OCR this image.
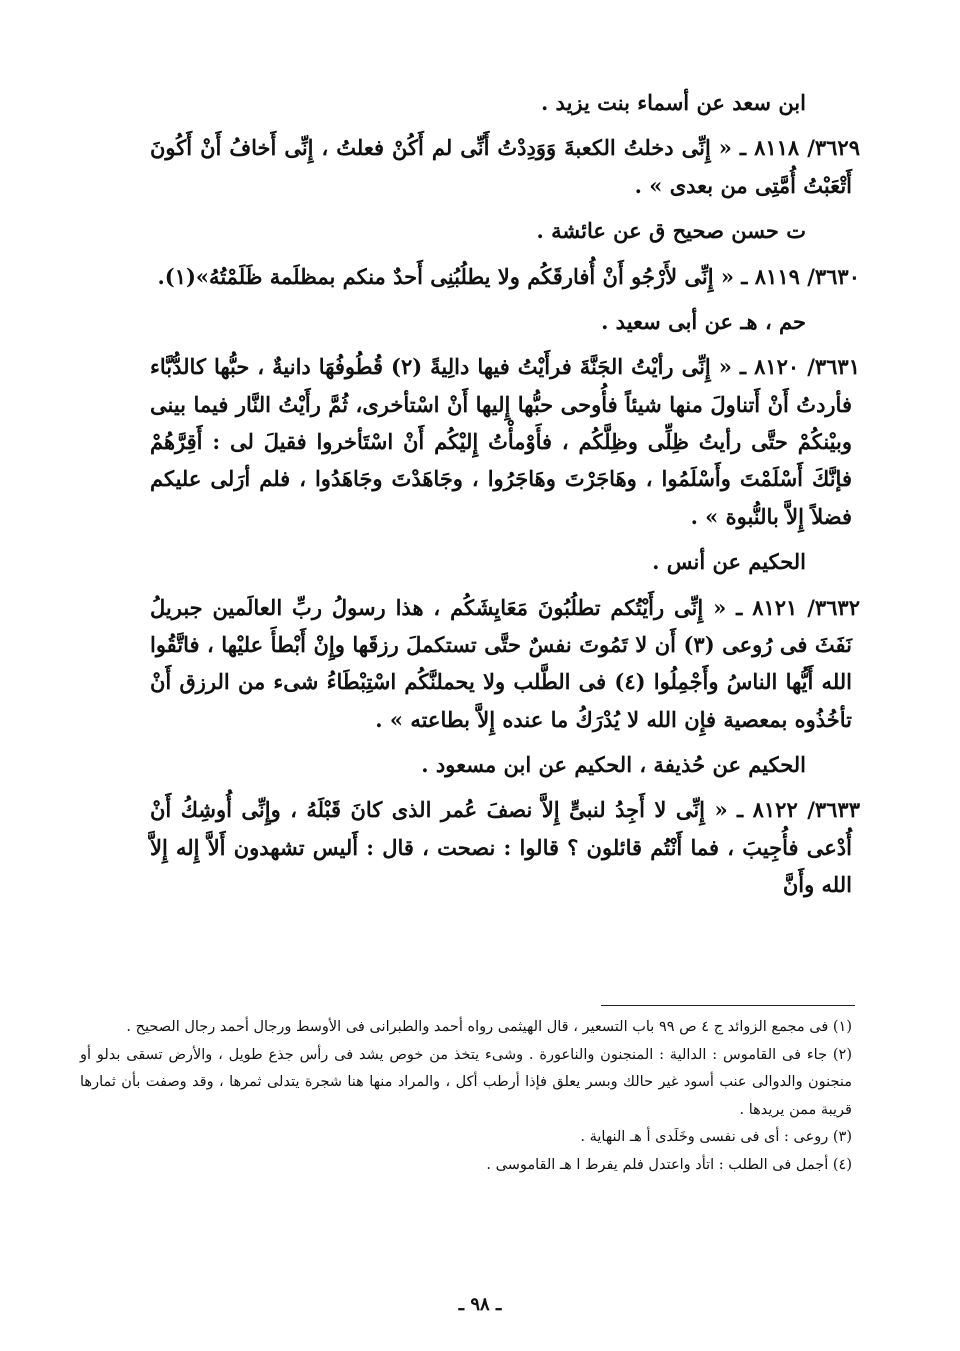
ابن سعد عن أسماء بنت يزيد .

٣٦٢٩/ ٨١١٨ ـ « إِنِّى دخلتُ الكعبةَ وَوَدِدْتُ أَنِّى لم أَكُنْ فعلتُ ، إِنِّى أَخافُ أَنْ أَكُونَ أَتْعَبْتُ أُمَّتِى من بعدى » .

ت حسن صحيح ق عن عائشة .

٣٦٣٠/ ٨١١٩ ـ « إِنِّى لأَرْجُو أَنْ أُفارقَكُم ولا يطلُبُنِى أَحدٌ منكم بمظلَمة ظَلَمْتُهُ»(١).

حم ، هـ عن أبى سعيد .

٣٦٣١/ ٨١٢٠ ـ « إِنِّى رأيْتُ الجَنَّةَ فرأَيْتُ فيها دالِيةً (٢) قُطُوفُهَا دانيةٌ ، حبُّها كالدُّبَّاء فأردتُ أَنْ أَتناولَ منها شيئاً فأُوحى حبُّها إِليها أَنْ اسْتأخرى، ثُمَّ رأَيْتُ النَّار فيما بينى وبيْنكُمْ حتَّى رأيتُ ظِلِّى وظِلَّكُم ، فأَوْمأْتُ إِليْكُم أَنْ اسْتَأخروا فقيلَ لى : أَقِرَّهُمْ فإنَّكَ أَسْلَمْتَ وأَسْلَمُوا ، وهَاجَرْتَ وهَاجَرُوا ، وجَاهَدْتَ وجَاهَدُوا ، فلم أرَلى عليكم فضلاً إِلاَّ بالنُّبوة » .

الحكيم عن أنس .

٣٦٣٢/ ٨١٢١ ـ « إِنِّى رأَيْتُكم تطلُبُونَ مَعَايِشَكُم ، هذا رسولُ ربِّ العالَمين جبريلُ نَفَثَ فى رُوعى (٣) أَن لا تَمُوتَ نفسٌ حتَّى تستكملَ رزقَها وإِنْ أَبْطأَ عليْها ، فاتَّقُوا الله أَيُّها الناسُ وأَجْمِلُوا (٤) فى الطَّلب ولا يحملنَّكُم اسْتِبْطَاءُ شىء من الرزق أَنْ تأخُذُوه بمعصية فإِن الله لا يُدْرَكُ ما عنده إِلاَّ بطاعته » .

الحكيم عن حُذيفة ، الحكيم عن ابن مسعود .

٣٦٣٣/ ٨١٢٢ ـ « إِنِّى لا أَجِدُ لنبىٍّ إِلاَّ نصفَ عُمر الذى كانَ قَبْلَهُ ، وإِنِّى أُوشِكُ أَنْ أُدْعى فأُجِيبَ ، فما أَنْتُم قائلون ؟ قالوا : نصحت ، قال : أَليس تشهدون أَلاَّ إِله إِلاَّ الله وأَنَّ

(١) فى مجمع الزوائد ج ٤ ص ٩٩ باب التسعير ، قال الهيثمى رواه أحمد والطبرانى فى الأوسط ورجال أحمد رجال الصحيح .

(٢) جاء فى القاموس : الدالية : المنجنون والناعورة . وشىء يتخذ من خوص يشد فى رأس جذع طويل ، والأرض تسقى بدلو أو منجنون والدوالى عنب أسود غير حالك وبسر يعلق فإذا أرطب أكل ، والمراد منها هنا شجرة يتدلى ثمرها ، وقد وصفت بأن ثمارها قريبة ممن يريدها .

(٣) روعى : أى فى نفسى وخَلَدى أ هـ النهاية .

(٤) أجمل فى الطلب : اتأد واعتدل فلم يفرط ا هـ القاموسى .

ـ ٩٨ ـ
